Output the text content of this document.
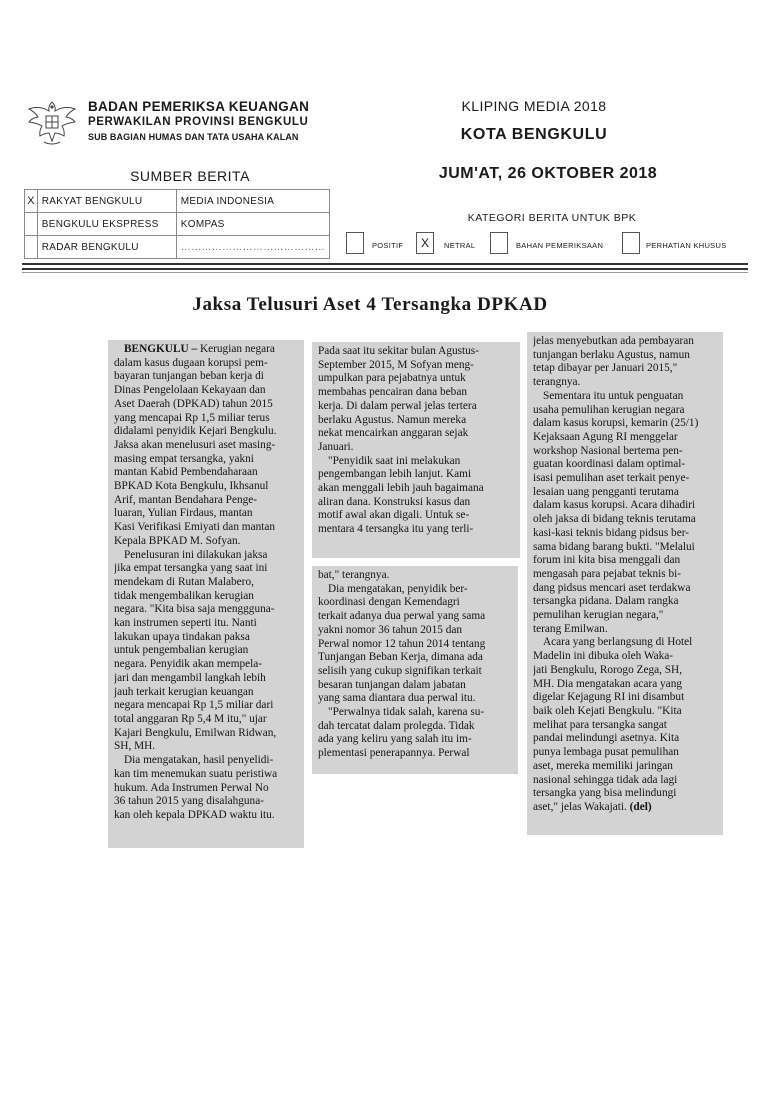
BADAN PEMERIKSA KEUANGAN
PERWAKILAN PROVINSI BENGKULU
SUB BAGIAN HUMAS DAN TATA USAHA KALAN
KLIPING MEDIA 2018
KOTA BENGKULU
JUM'AT, 26 OKTOBER 2018
SUMBER BERITA
X	RAKYAT BENGKULU	MEDIA INDONESIA
	BENGKULU EKSPRESS	KOMPAS
	RADAR BENGKULU	……………………………………
KATEGORI BERITA UNTUK BPK
POSITIF	X	NETRAL	BAHAN PEMERIKSAAN	PERHATIAN KHUSUS
Jaksa Telusuri Aset 4 Tersangka DPKAD

BENGKULU – Kerugian negara

dalam kasus dugaan korupsi pem-

bayaran tunjangan beban kerja di

Dinas Pengelolaan Kekayaan dan

Aset Daerah (DPKAD) tahun 2015

yang mencapai Rp 1,5 miliar terus

didalami penyidik Kejari Bengkulu.

Jaksa akan menelusuri aset masing-

masing empat tersangka, yakni

mantan Kabid Pembendaharaan

BPKAD Kota Bengkulu, Ikhsanul

Arif, mantan Bendahara Penge-

luaran, Yulian Firdaus, mantan

Kasi Verifikasi Emiyati dan mantan

Kepala BPKAD M. Sofyan.

Penelusuran ini dilakukan jaksa

jika empat tersangka yang saat ini

mendekam di Rutan Malabero,

tidak mengembalikan kerugian

negara. "Kita bisa saja menggguna-

kan instrumen seperti itu. Nanti

lakukan upaya tindakan paksa

untuk pengembalian kerugian

negara. Penyidik akan mempela-

jari dan mengambil langkah lebih

jauh terkait kerugian keuangan

negara mencapai Rp 1,5 miliar dari

total anggaran Rp 5,4 M itu," ujar

Kajari Bengkulu, Emilwan Ridwan,

SH, MH.

Dia mengatakan, hasil penyelidi-

kan tim menemukan suatu peristiwa

hukum. Ada Instrumen Perwal No

36 tahun 2015 yang disalahguna-

kan oleh kepala DPKAD waktu itu.

Pada saat itu sekitar bulan Agustus-

September 2015, M Sofyan meng-

umpulkan para pejabatnya untuk

membahas pencairan dana beban

kerja. Di dalam perwal jelas tertera

berlaku Agustus. Namun mereka

nekat mencairkan anggaran sejak

Januari.

"Penyidik saat ini melakukan

pengembangan lebih lanjut. Kami

akan menggali lebih jauh bagaimana

aliran dana. Konstruksi kasus dan

motif awal akan digali. Untuk se-

mentara 4 tersangka itu yang terli-

bat," terangnya.

Dia mengatakan, penyidik ber-

koordinasi dengan Kemendagri

terkait adanya dua perwal yang sama

yakni nomor 36 tahun 2015 dan

Perwal nomor 12 tahun 2014 tentang

Tunjangan Beban Kerja, dimana ada

selisih yang cukup signifikan terkait

besaran tunjangan dalam jabatan

yang sama diantara dua perwal itu.

"Perwalnya tidak salah, karena su-

dah tercatat dalam prolegda. Tidak

ada yang keliru yang salah itu im-

plementasi penerapannya. Perwal

jelas menyebutkan ada pembayaran

tunjangan berlaku Agustus, namun

tetap dibayar per Januari 2015,"

terangnya.

Sementara itu untuk penguatan

usaha pemulihan kerugian negara

dalam kasus korupsi, kemarin (25/1)

Kejaksaan Agung RI menggelar

workshop Nasional bertema pen-

guatan koordinasi dalam optimal-

isasi pemulihan aset terkait penye-

lesaian uang pengganti terutama

dalam kasus korupsi. Acara dihadiri

oleh jaksa di bidang teknis terutama

kasi-kasi teknis bidang pidsus ber-

sama bidang barang bukti. "Melalui

forum ini kita bisa menggali dan

mengasah para pejabat teknis bi-

dang pidsus mencari aset terdakwa

tersangka pidana. Dalam rangka

pemulihan kerugian negara,"

terang Emilwan.

Acara yang berlangsung di Hotel

Madelin ini dibuka oleh Waka-

jati Bengkulu, Rorogo Zega, SH,

MH. Dia mengatakan acara yang

digelar Kejagung RI ini disambut

baik oleh Kejati Bengkulu. "Kita

melihat para tersangka sangat

pandai melindungi asetnya. Kita

punya lembaga pusat pemulihan

aset, mereka memiliki jaringan

nasional sehingga tidak ada lagi

tersangka yang bisa melindungi

aset," jelas Wakajati. (del)
